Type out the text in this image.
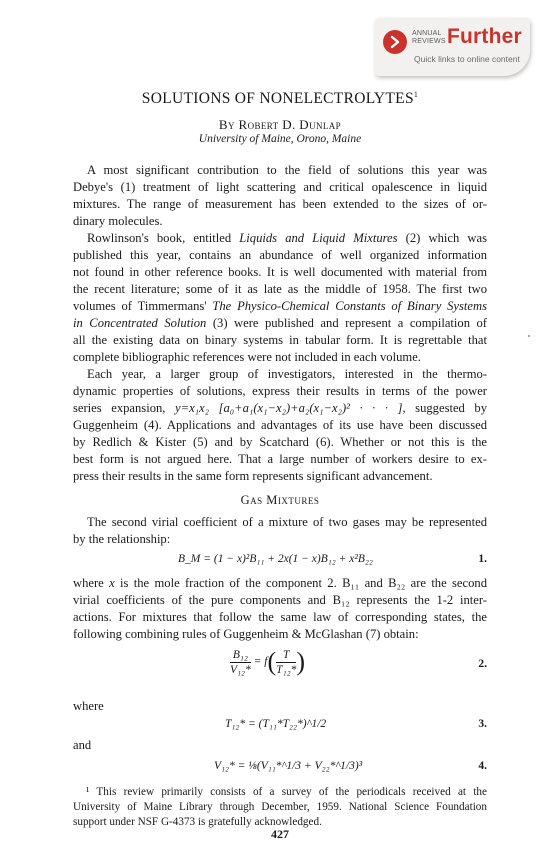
ANNUAL
REVIEWS Further
Quick links to online content
SOLUTIONS OF NONELECTROLYTES$^1$
By Robert D. Dunlap
University of Maine, Orono, Maine
A most significant contribution to the field of solutions this year was
Debye's (1) treatment of light scattering and critical opalescence in liquid
mixtures. The range of measurement has been extended to the sizes of or-
dinary molecules.
Rowlinson's book, entitled Liquids and Liquid Mixtures (2) which was
published this year, contains an abundance of well organized information
not found in other reference books. It is well documented with material from
the recent literature; some of it as late as the middle of 1958. The first two
volumes of Timmermans' The Physico-Chemical Constants of Binary Systems
in Concentrated Solution (3) were published and represent a compilation of
all the existing data on binary systems in tabular form. It is regrettable that
complete bibliographic references were not included in each volume.
Each year, a larger group of investigators, interested in the thermo-
dynamic properties of solutions, express their results in terms of the power
series expansion, y=x₁x₂ [a₀+a₁(x₁−x₂)+a₂(x₁−x₂)² · · · ], suggested by
Guggenheim (4). Applications and advantages of its use have been discussed
by Redlich & Kister (5) and by Scatchard (6). Whether or not this is the
best form is not argued here. That a large number of workers desire to ex-
press their results in the same form represents significant advancement.
Gas Mixtures
The second virial coefficient of a mixture of two gases may be represented
by the relationship:
B_M = (1 − x)²B₁₁ + 2x(1 − x)B₁₂ + x²B₂₂	1.
where x is the mole fraction of the component 2. B₁₁ and B₂₂ are the second
virial coefficients of the pure components and B₁₂ represents the 1-2 inter-
actions. For mixtures that follow the same law of corresponding states, the
following combining rules of Guggenheim & McGlashan (7) obtain:
$\frac{\text{B₁₂}}{\text{V₁₂*}} = f( \frac{T}{\text{T₁₂*}}$ )	2.
where
T₁₂* = (T₁₁*T₂₂*)^1/2	3.
and
V₁₂* = ⅛(V₁₁*^1/3 + V₂₂*^1/3)³	4.
¹ This review primarily consists of a survey of the periodicals received at the
University of Maine Library through December, 1959. National Science Foundation
support under NSF G-4373 is gratefully acknowledged.
427
